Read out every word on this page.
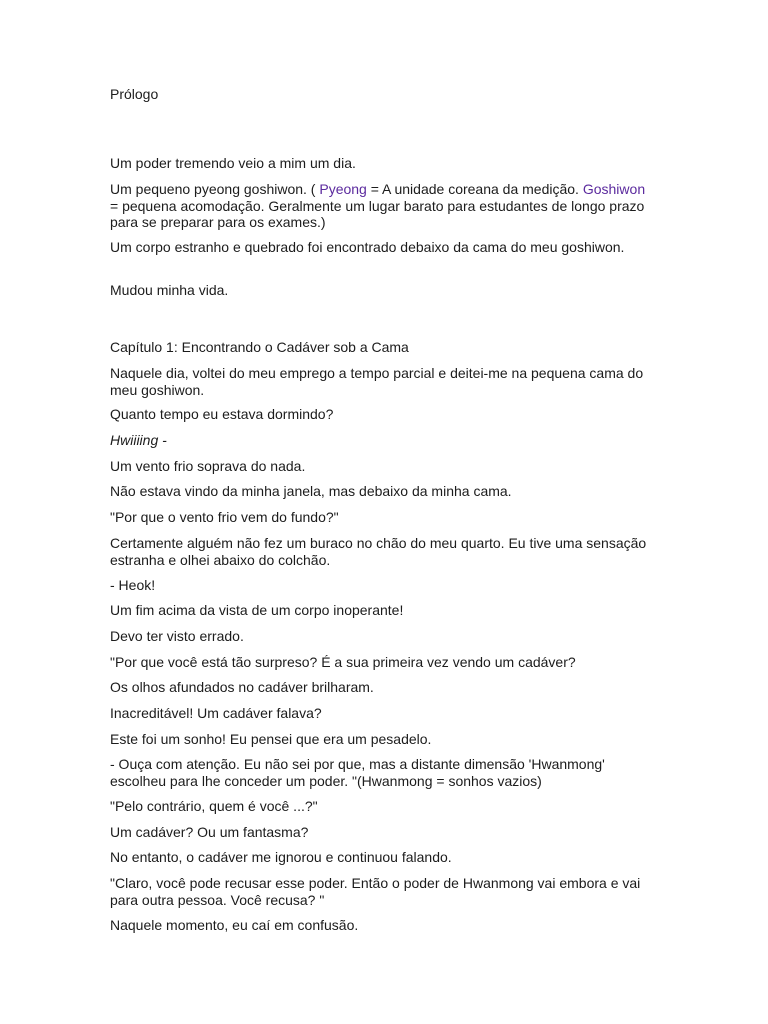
Prólogo

Um poder tremendo veio a mim um dia.

Um pequeno pyeong goshiwon. ( Pyeong = A unidade coreana da medição. Goshiwon = pequena acomodação. Geralmente um lugar barato para estudantes de longo prazo para se preparar para os exames.)

Um corpo estranho e quebrado foi encontrado debaixo da cama do meu goshiwon.

Mudou minha vida.

Capítulo 1: Encontrando o Cadáver sob a Cama

Naquele dia, voltei do meu emprego a tempo parcial e deitei-me na pequena cama do meu goshiwon.

Quanto tempo eu estava dormindo?

Hwiiiing -

Um vento frio soprava do nada.

Não estava vindo da minha janela, mas debaixo da minha cama.

"Por que o vento frio vem do fundo?"

Certamente alguém não fez um buraco no chão do meu quarto. Eu tive uma sensação estranha e olhei abaixo do colchão.

- Heok!

Um fim acima da vista de um corpo inoperante!

Devo ter visto errado.

"Por que você está tão surpreso? É a sua primeira vez vendo um cadáver?

Os olhos afundados no cadáver brilharam.

Inacreditável! Um cadáver falava?

Este foi um sonho! Eu pensei que era um pesadelo.

- Ouça com atenção. Eu não sei por que, mas a distante dimensão 'Hwanmong' escolheu para lhe conceder um poder. "(Hwanmong = sonhos vazios)

"Pelo contrário, quem é você ...?"

Um cadáver? Ou um fantasma?

No entanto, o cadáver me ignorou e continuou falando.

"Claro, você pode recusar esse poder. Então o poder de Hwanmong vai embora e vai para outra pessoa. Você recusa? "

Naquele momento, eu caí em confusão.
